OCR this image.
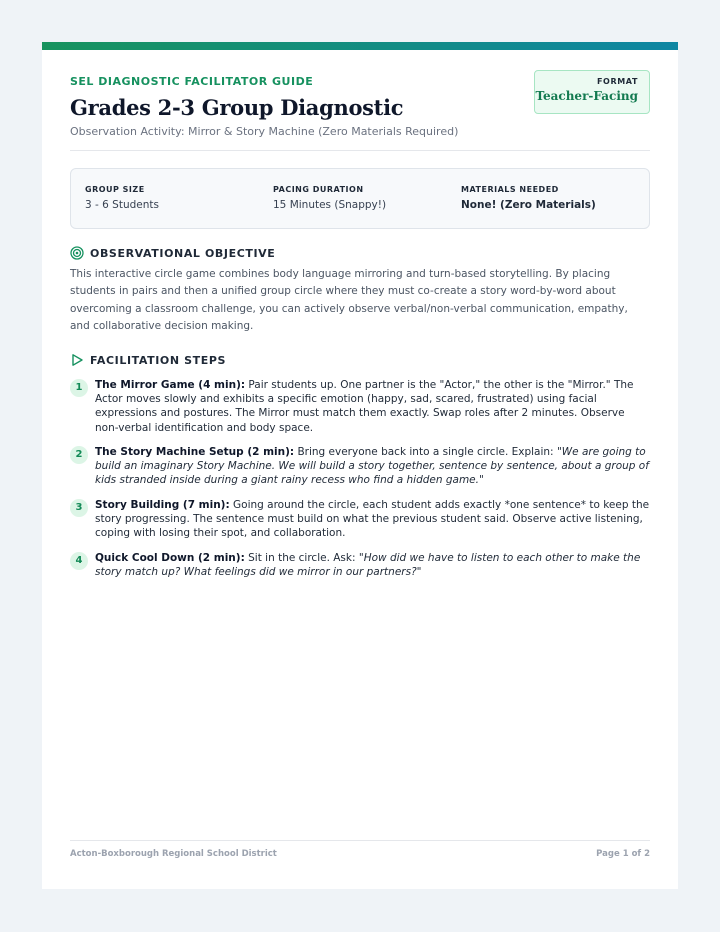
SEL DIAGNOSTIC FACILITATOR GUIDE
Grades 2-3 Group Diagnostic
Observation Activity: Mirror & Story Machine (Zero Materials Required)
FORMAT
Teacher-Facing
GROUP SIZE
3 - 6 Students
PACING DURATION
15 Minutes (Snappy!)
MATERIALS NEEDED
None! (Zero Materials)
OBSERVATIONAL OBJECTIVE
This interactive circle game combines body language mirroring and turn-based storytelling. By placing students in pairs and then a unified group circle where they must co-create a story word-by-word about overcoming a classroom challenge, you can actively observe verbal/non-verbal communication, empathy, and collaborative decision making.
FACILITATION STEPS
1	The Mirror Game (4 min): Pair students up. One partner is the "Actor," the other is the "Mirror." The Actor moves slowly and exhibits a specific emotion (happy, sad, scared, frustrated) using facial expressions and postures. The Mirror must match them exactly. Swap roles after 2 minutes. Observe non-verbal identification and body space.
2	The Story Machine Setup (2 min): Bring everyone back into a single circle. Explain: "We are going to build an imaginary Story Machine. We will build a story together, sentence by sentence, about a group of kids stranded inside during a giant rainy recess who find a hidden game."
3	Story Building (7 min): Going around the circle, each student adds exactly *one sentence* to keep the story progressing. The sentence must build on what the previous student said. Observe active listening, coping with losing their spot, and collaboration.
4	Quick Cool Down (2 min): Sit in the circle. Ask: "How did we have to listen to each other to make the story match up? What feelings did we mirror in our partners?"
Acton-Boxborough Regional School District	Page 1 of 2
